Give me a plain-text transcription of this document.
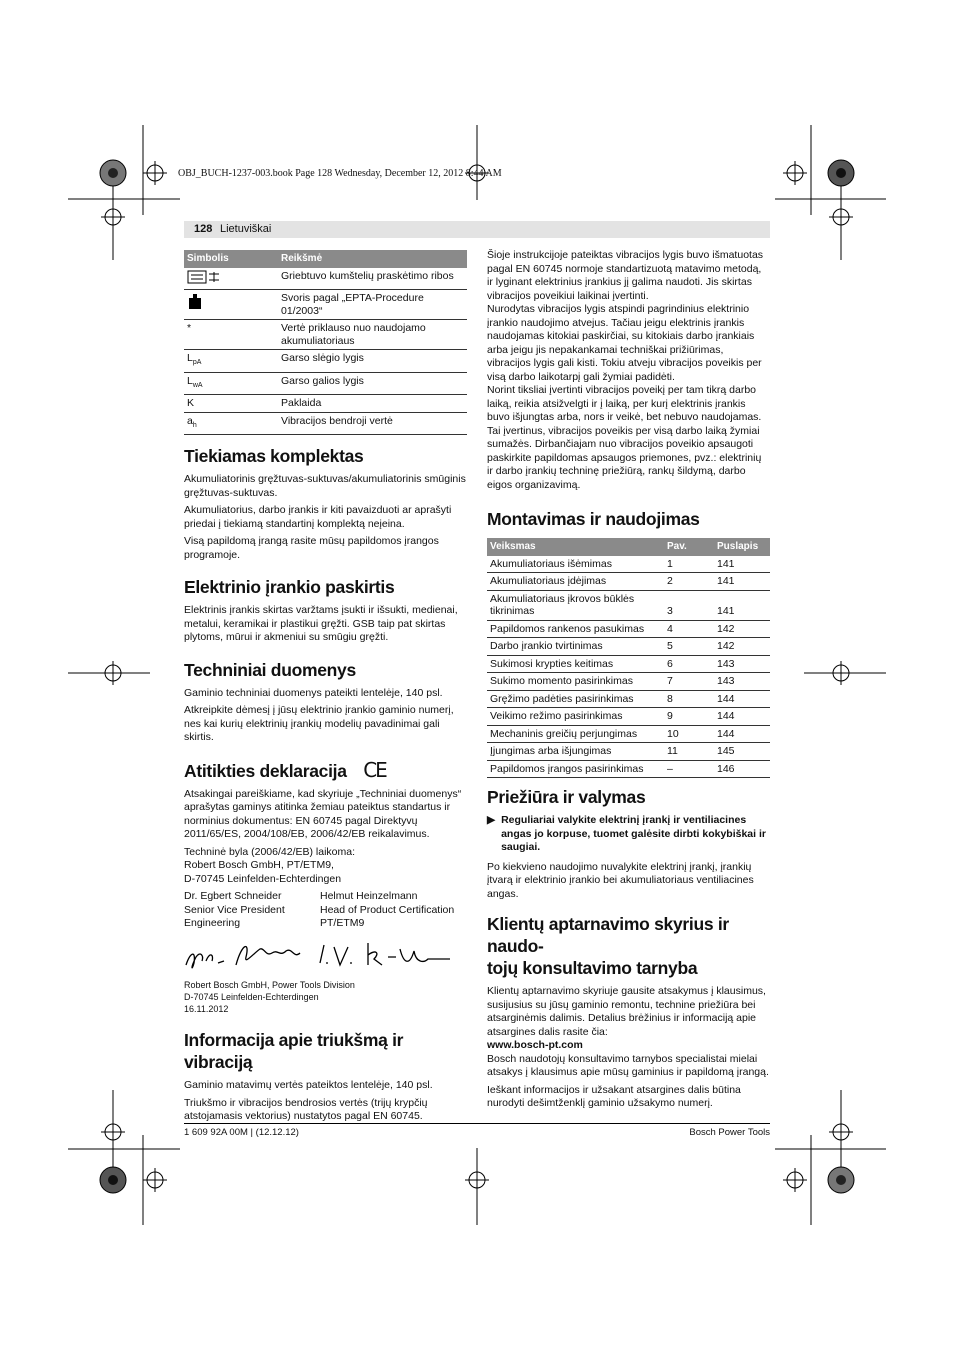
OBJ_BUCH-1237-003.book Page 128 Wednesday, December 12, 2012 8:44 AM
128 Lietuviškai
Simbolis	Reikšmė
	Griebtuvo kumštelių praskėtimo ribos
	Svoris pagal „EPTA-Procedure 01/2003“
*	Vertė priklauso nuo naudojamo akumuliatoriaus
$L_{pA}$	Garso slėgio lygis
$L_{wA}$	Garso galios lygis
K	Paklaida
$a_h$	Vibracijos bendroji vertė
Tiekiamas komplektas

Akumuliatorinis gręžtuvas-suktuvas/akumuliatorinis smūginis gręžtuvas-suktuvas.

Akumuliatorius, darbo įrankis ir kiti pavaizduoti ar aprašyti priedai į tiekiamą standartinį komplektą neįeina.

Visą papildomą įrangą rasite mūsų papildomos įrangos programoje.

Elektrinio įrankio paskirtis

Elektrinis įrankis skirtas varžtams įsukti ir išsukti, medienai, metalui, keramikai ir plastikui gręžti. GSB taip pat skirtas plytoms, mūrui ir akmeniui su smūgiu gręžti.

Techniniai duomenys

Gaminio techniniai duomenys pateikti lentelėje, 140 psl.

Atkreipkite dėmesį į jūsų elektrinio įrankio gaminio numerį, nes kai kurių elektrinių įrankių modelių pavadinimai gali skirtis.

Atitikties deklaracija CE

Atsakingai pareiškiame, kad skyriuje „Techniniai duomenys“ aprašytas gaminys atitinka žemiau pateiktus standartus ir norminius dokumentus: EN 60745 pagal Direktyvų 2011/65/ES, 2004/108/EB, 2006/42/EB reikalavimus.

Techninė byla (2006/42/EB) laikoma:
Robert Bosch GmbH, PT/ETM9,
D-70745 Leinfelden-Echterdingen
Dr. Egbert Schneider
Senior Vice President
Engineering
Helmut Heinzelmann
Head of Product Certification
PT/ETM9
Robert Bosch GmbH, Power Tools Division
D-70745 Leinfelden-Echterdingen
16.11.2012
Informacija apie triukšmą ir vibraciją

Gaminio matavimų vertės pateiktos lentelėje, 140 psl.

Triukšmo ir vibracijos bendrosios vertės (trijų krypčių atstojamasis vektorius) nustatytos pagal EN 60745.

Šioje instrukcijoje pateiktas vibracijos lygis buvo išmatuotas pagal EN 60745 normoje standartizuotą matavimo metodą, ir lyginant elektrinius įrankius jį galima naudoti. Jis skirtas vibracijos poveikiui laikinai įvertinti.

Nurodytas vibracijos lygis atspindi pagrindinius elektrinio įrankio naudojimo atvejus. Tačiau jeigu elektrinis įrankis naudojamas kitokiai paskirčiai, su kitokiais darbo įrankiais arba jeigu jis nepakankamai techniškai prižiūrimas, vibracijos lygis gali kisti. Tokiu atveju vibracijos poveikis per visą darbo laikotarpį gali žymiai padidėti.

Norint tiksliai įvertinti vibracijos poveikį per tam tikrą darbo laiką, reikia atsižvelgti ir į laiką, per kurį elektrinis įrankis buvo išjungtas arba, nors ir veikė, bet nebuvo naudojamas. Tai įvertinus, vibracijos poveikis per visą darbo laiką žymiai sumažės. Dirbančiajam nuo vibracijos poveikio apsaugoti paskirkite papildomas apsaugos priemones, pvz.: elektrinių ir darbo įrankių techninę priežiūrą, rankų šildymą, darbo eigos organizavimą.

Montavimas ir naudojimas
Veiksmas	Pav.	Puslapis
Akumuliatoriaus išėmimas	1	141
Akumuliatoriaus įdėjimas	2	141
Akumuliatoriaus įkrovos būklės tikrinimas	3	141
Papildomos rankenos pasukimas	4	142
Darbo įrankio tvirtinimas	5	142
Sukimosi krypties keitimas	6	143
Sukimo momento pasirinkimas	7	143
Gręžimo padėties pasirinkimas	8	144
Veikimo režimo pasirinkimas	9	144
Mechaninis greičių perjungimas	10	144
Įjungimas arba išjungimas	11	145
Papildomos įrangos pasirinkimas	–	146
Priežiūra ir valymas
▶ Reguliariai valykite elektrinį įrankį ir ventiliacines angas jo korpuse, tuomet galėsite dirbti kokybiškai ir saugiai.

Po kiekvieno naudojimo nuvalykite elektrinį įrankį, įrankių įtvarą ir elektrinio įrankio bei akumuliatoriaus ventiliacines angas.

Klientų aptarnavimo skyrius ir naudo-
tojų konsultavimo tarnyba

Klientų aptarnavimo skyriuje gausite atsakymus į klausimus, susijusius su jūsų gaminio remontu, technine priežiūra bei atsarginėmis dalimis. Detalius brėžinius ir informaciją apie atsargines dalis rasite čia:

www.bosch-pt.com

Bosch naudotojų konsultavimo tarnybos specialistai mielai atsakys į klausimus apie mūsų gaminius ir papildomą įrangą.

Ieškant informacijos ir užsakant atsargines dalis būtina nurodyti dešimtženklį gaminio užsakymo numerį.

1 609 92A 00M | (12.12.12)	Bosch Power Tools
